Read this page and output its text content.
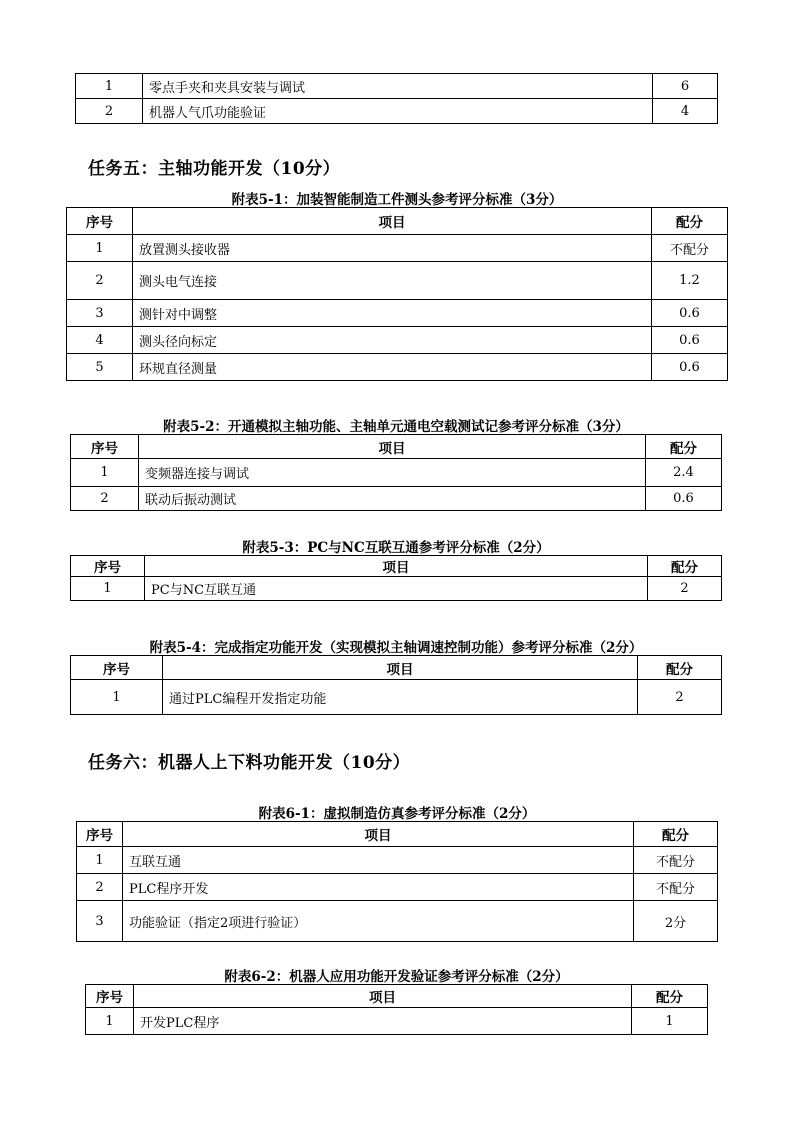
1	零点手夹和夹具安装与调试	6
2	机器人气爪功能验证	4
任务五：主轴功能开发（10分）
附表5-1：加装智能制造工件测头参考评分标准（3分）
序号	项目	配分
1	放置测头接收器	不配分
2	测头电气连接	1.2
3	测针对中调整	0.6
4	测头径向标定	0.6
5	环规直径测量	0.6
附表5-2：开通模拟主轴功能、主轴单元通电空载测试记参考评分标准（3分）
序号	项目	配分
1	变频器连接与调试	2.4
2	联动后振动测试	0.6
附表5-3：PC与NC互联互通参考评分标准（2分）
序号	项目	配分
1	PC与NC互联互通	2
附表5-4：完成指定功能开发（实现模拟主轴调速控制功能）参考评分标准（2分）
序号	项目	配分
1	通过PLC编程开发指定功能	2
任务六：机器人上下料功能开发（10分）
附表6-1：虚拟制造仿真参考评分标准（2分）
序号	项目	配分
1	互联互通	不配分
2	PLC程序开发	不配分
3	功能验证（指定2项进行验证）	2分
附表6-2：机器人应用功能开发验证参考评分标准（2分）
序号	项目	配分
1	开发PLC程序	1
